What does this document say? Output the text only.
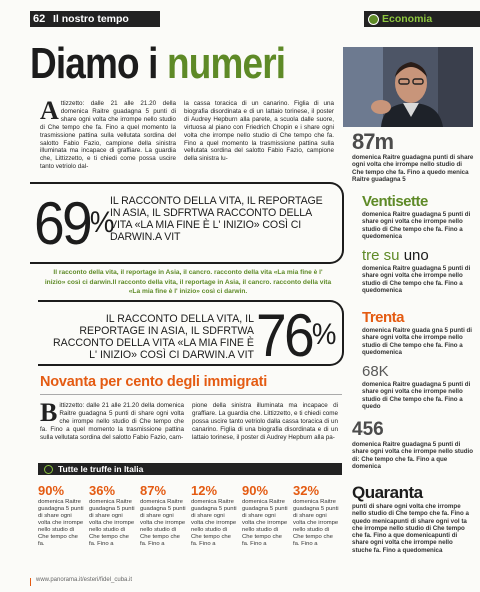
62 Il nostro tempo	Economia
Diamo i numeri
Attizzetto: dalle 21 alle 21.20 della domenica Raitre guadagna 5 punti di share ogni volta che irrompe nello studio di Che tempo che fa. Fino a quel momento la trasmissione pattina sulla vellutata sordina del salotto Fabio Fazio, campione della sinistra illuminata ma incapace di graffiare. La guardia che, Littizzetto, e ti chiedi come possa uscire tanto vetriolo dal-
la cassa toracica di un canarino. Figlia di una biografia disordinata e di un lattaio torinese, il poster di Audrey Hepburn alla parete, a scuola dalle suore, virtuosa al piano con Friedrich Chopin e i share ogni volta che irrompe nello studio di Che tempo che fa. Fino a quel momento la trasmissione pattina sulla vellutata sordina del salotto Fabio Fazio, campione della sinistra lu-
69%
IL RACCONTO DELLA VITA, IL REPORTAGE IN ASIA, IL SDFRTWA RACCONTO DELLA VITA «LA MIA FINE È L' INIZIO» COSÌ CI DARWIN.A VIT
Il racconto della vita, il reportage in Asia, il cancro. racconto della vita «La mia fine è l' inizio» così ci darwin.Il racconto della vita, il reportage in Asia, il cancro. racconto della vita «La mia fine è l' inizio» così ci darwin.
IL RACCONTO DELLA VITA, IL REPORTAGE IN ASIA, IL SDFRTWA RACCONTO DELLA VITA «LA MIA FINE È L' INIZIO» COSÌ CI DARWIN.A VIT 76%
Novanta per cento degli immigrati
Bittizzetto: dalle 21 alle 21.20 della domenica Raitre guadagna 5 punti di share ogni volta che irrompe nello studio di Che tempo che fa. Fino a quel momento la trasmissione pattina sulla vellutata sordina del salotto Fabio Fazio, cam-
pione della sinistra illuminata ma incapace di graffiare. La guardia che. Littizzetto, e ti chiedi come possa uscire tanto vetriolo dalla cassa toracica di un canarino. Figlia di una biografia disordinata e di un lattaio torinese, il poster di Audrey Hepburn alla pa-
Tutte le truffe in Italia
90%
domenica Raitre guadagna 5 punti di share ogni volta che irrompe nello studio di Che tempo che fa.
36%
domenica Raitre guadagna 5 punti di share ogni volta che irrompe nello studio di Che tempo che fa. Fino a
87%
domenica Raitre guadagna 5 punti di share ogni volta che irrompe nello studio di Che tempo che fa. Fino a
12%
domenica Raitre guadagna 5 punti di share ogni volta che irrompe nello studio di Che tempo che fa. Fino a
90%
domenica Raitre guadagna 5 punti di share ogni volta che irrompe nello studio di Che tempo che fa. Fino a
32%
domenica Raitre guadagna 5 punti di share ogni volta che irrompe nello studio di Che tempo che fa. Fino a
87m
domenica Raitre guadagna punti di share ogni volta che irrompe nello studio di Che tempo che fa. Fino a quedo menica Raitre guadagna 5
Ventisette
domenica Raitre guadagna 5 punti di share ogni volta che irrompe nello studio di Che tempo che fa. Fino a quedomenica
tre su uno
domenica Raitre guadagna 5 punti di share ogni volta che irrompe nello studio di Che tempo che fa. Fino a quedomenica
Trenta
domenica Raitre guada gna 5 punti di share ogni volta che irrompe nello studio di Che tempo che fa. Fino a quedomenica
68K
domenica Raitre guadagna 5 punti di share ogni volta che irrompe nello studio di Che tempo che fa. Fino a quedo
456
domenica Raitre guadagna 5 punti di share ogni volta che irrompe nello studio di: Che tempo che fa. Fino a que domenica
Quaranta
punti di share ogni volta che irrompe nello studio di Che tempo che fa. Fino a quedo menicapunti di share ogni vol ta che irrompe nello studio di Che tempo che fa. Fino a que domenicapunti di share ogni volta che irrompe nello stuche fa. Fino a quedomenica
www.panorama.it/esteri/fidel_cuba.it
